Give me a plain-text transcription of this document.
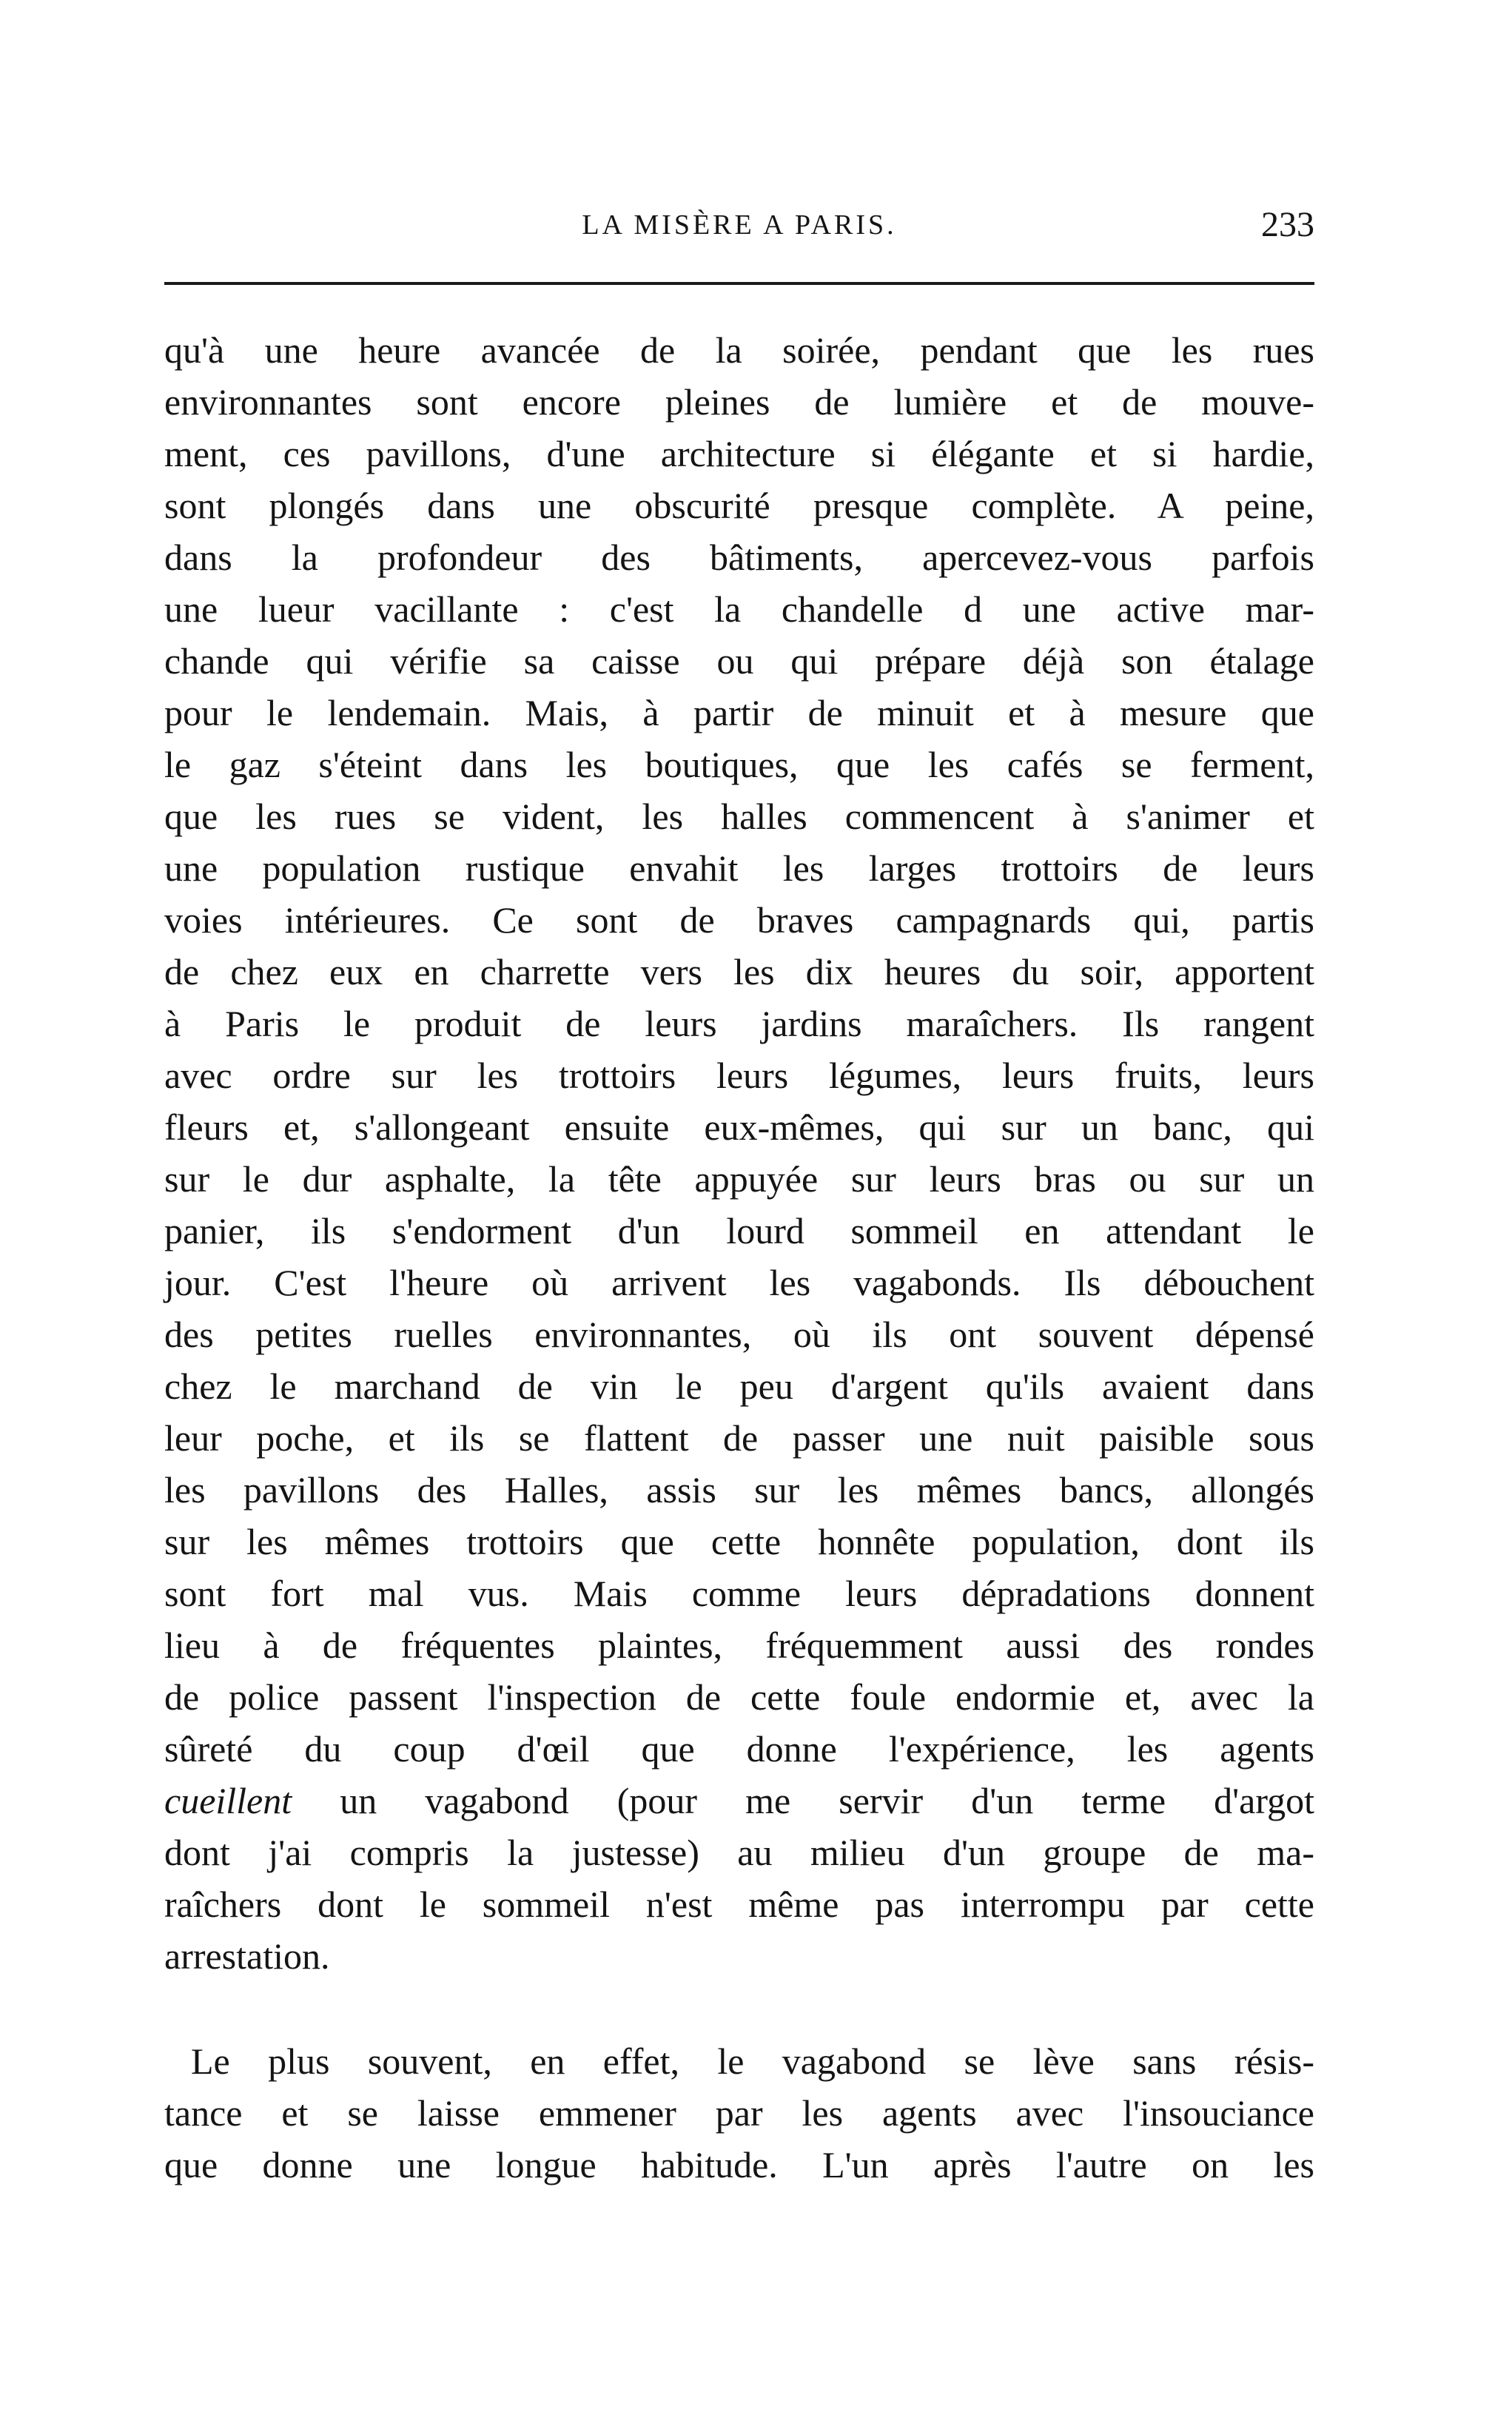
LA MISÈRE A PARIS.	233
qu'à une heure avancée de la soirée, pendant que les rues
environnantes sont encore pleines de lumière et de mouve-
ment, ces pavillons, d'une architecture si élégante et si hardie,
sont plongés dans une obscurité presque complète. A peine,
dans la profondeur des bâtiments, apercevez-vous parfois
une lueur vacillante : c'est la chandelle d une active mar-
chande qui vérifie sa caisse ou qui prépare déjà son étalage
pour le lendemain. Mais, à partir de minuit et à mesure que
le gaz s'éteint dans les boutiques, que les cafés se ferment,
que les rues se vident, les halles commencent à s'animer et
une population rustique envahit les larges trottoirs de leurs
voies intérieures. Ce sont de braves campagnards qui, partis
de chez eux en charrette vers les dix heures du soir, apportent
à Paris le produit de leurs jardins maraîchers. Ils rangent
avec ordre sur les trottoirs leurs légumes, leurs fruits, leurs
fleurs et, s'allongeant ensuite eux-mêmes, qui sur un banc, qui
sur le dur asphalte, la tête appuyée sur leurs bras ou sur un
panier, ils s'endorment d'un lourd sommeil en attendant le
jour. C'est l'heure où arrivent les vagabonds. Ils débouchent
des petites ruelles environnantes, où ils ont souvent dépensé
chez le marchand de vin le peu d'argent qu'ils avaient dans
leur poche, et ils se flattent de passer une nuit paisible sous
les pavillons des Halles, assis sur les mêmes bancs, allongés
sur les mêmes trottoirs que cette honnête population, dont ils
sont fort mal vus. Mais comme leurs dépradations donnent
lieu à de fréquentes plaintes, fréquemment aussi des rondes
de police passent l'inspection de cette foule endormie et, avec la
sûreté du coup d'œil que donne l'expérience, les agents
cueillent un vagabond (pour me servir d'un terme d'argot
dont j'ai compris la justesse) au milieu d'un groupe de ma-
raîchers dont le sommeil n'est même pas interrompu par cette
arrestation.
Le plus souvent, en effet, le vagabond se lève sans résis-
tance et se laisse emmener par les agents avec l'insouciance
que donne une longue habitude. L'un après l'autre on les
